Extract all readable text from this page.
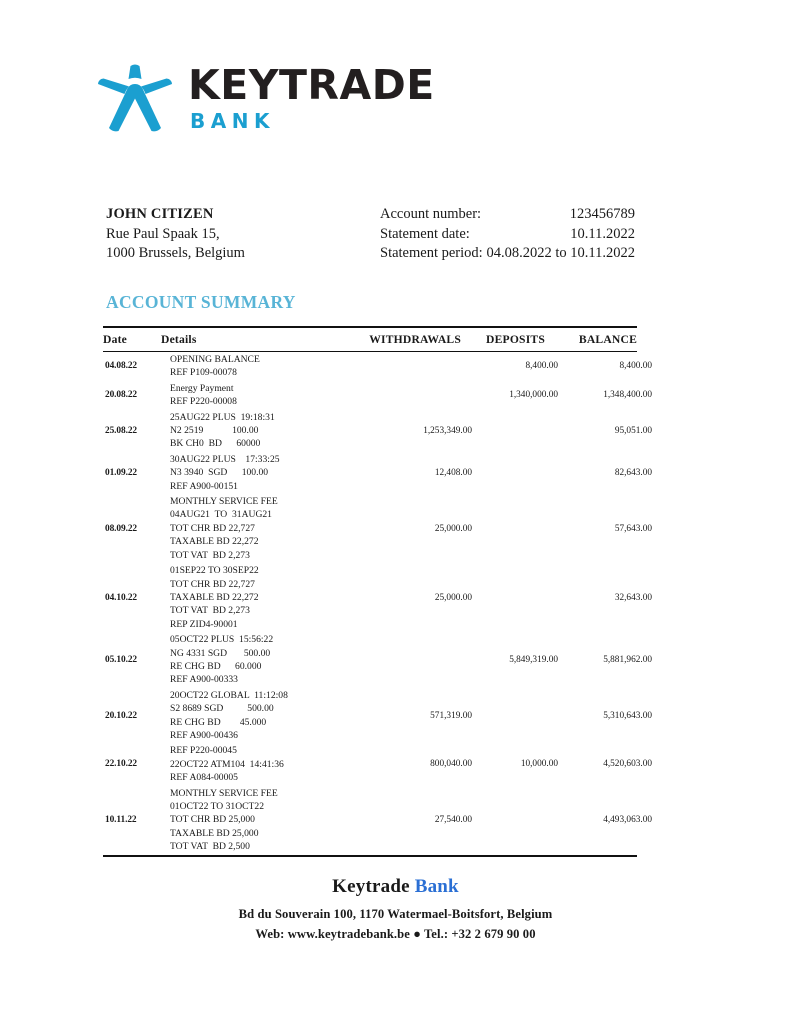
KEYTRADE
BANK
JOHN CITIZEN
Rue Paul Spaak 15,
1000 Brussels, Belgium
Account number:	123456789
Statement date:	10.11.2022
Statement period: 04.08.2022 to 10.11.2022
ACCOUNT SUMMARY
Date	Details	WITHDRAWALS	DEPOSITS	BALANCE
04.08.22	OPENING BALANCE
REF P109-00078		8,400.00	8,400.00
20.08.22	Energy Payment
REF P220-00008		1,340,000.00	1,348,400.00
25.08.22	25AUG22 PLUS  19:18:31
N2 2519            100.00
BK CH0  BD      60000	1,253,349.00		95,051.00
01.09.22	30AUG22 PLUS    17:33:25
N3 3940  SGD      100.00
REF A900-00151	12,408.00		82,643.00
08.09.22	MONTHLY SERVICE FEE
04AUG21  TO  31AUG21
TOT CHR BD 22,727
TAXABLE BD 22,272
TOT VAT  BD 2,273	25,000.00		57,643.00
04.10.22	01SEP22 TO 30SEP22
TOT CHR BD 22,727
TAXABLE BD 22,272
TOT VAT  BD 2,273
REP ZID4-90001	25,000.00		32,643.00
05.10.22	05OCT22 PLUS  15:56:22
NG 4331 SGD       500.00
RE CHG BD      60.000
REF A900-00333		5,849,319.00	5,881,962.00
20.10.22	20OCT22 GLOBAL  11:12:08
S2 8689 SGD          500.00
RE CHG BD        45.000
REF A900-00436	571,319.00		5,310,643.00
22.10.22	REF P220-00045
22OCT22 ATM104  14:41:36
REF A084-00005	800,040.00	10,000.00	4,520,603.00
10.11.22	MONTHLY SERVICE FEE
01OCT22 TO 31OCT22
TOT CHR BD 25,000
TAXABLE BD 25,000
TOT VAT  BD 2,500	27,540.00		4,493,063.00
Keytrade Bank
Bd du Souverain 100, 1170 Watermael-Boitsfort, Belgium
Web: www.keytradebank.be ● Tel.: +32 2 679 90 00
